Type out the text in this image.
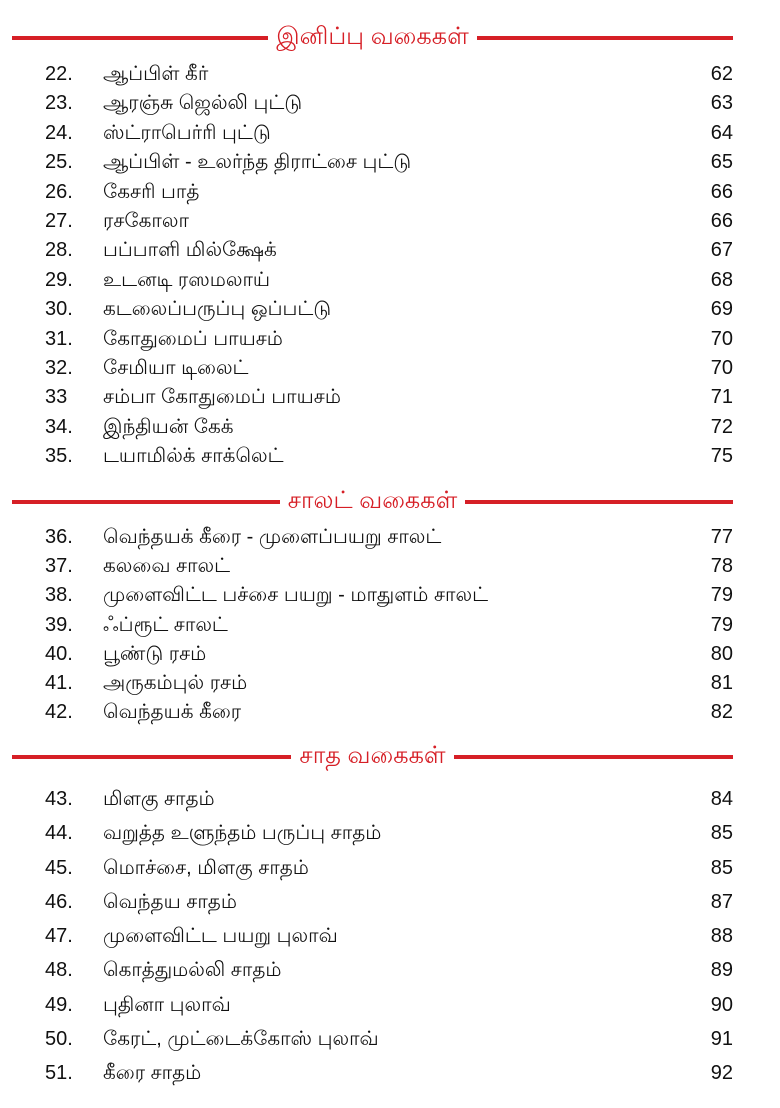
இனிப்பு வகைகள்
22. ஆப்பிள் கீர்	62
23. ஆரஞ்சு ஜெல்லி புட்டு	63
24. ஸ்ட்ராபெர்ரி புட்டு	64
25. ஆப்பிள் - உலர்ந்த திராட்சை புட்டு	65
26. கேசரி பாத்	66
27. ரசகோலா	66
28. பப்பாளி மில்க்ஷேக்	67
29. உடனடி ரஸமலாய்	68
30. கடலைப்பருப்பு ஒப்பட்டு	69
31. கோதுமைப் பாயசம்	70
32. சேமியா டிலைட்	70
33 சம்பா கோதுமைப் பாயசம்	71
34. இந்தியன் கேக்	72
35. டயாமில்க் சாக்லெட்	75
சாலட் வகைகள்
36. வெந்தயக் கீரை - முளைப்பயறு சாலட்	77
37. கலவை சாலட்	78
38. முளைவிட்ட பச்சை பயறு - மாதுளம் சாலட்	79
39. ஃப்ரூட் சாலட்	79
40. பூண்டு ரசம்	80
41. அருகம்புல் ரசம்	81
42. வெந்தயக் கீரை	82
சாத வகைகள்
43. மிளகு சாதம்	84
44. வறுத்த உளுந்தம் பருப்பு சாதம்	85
45. மொச்சை, மிளகு சாதம்	85
46. வெந்தய சாதம்	87
47. முளைவிட்ட பயறு புலாவ்	88
48. கொத்துமல்லி சாதம்	89
49. புதினா புலாவ்	90
50. கேரட், முட்டைக்கோஸ் புலாவ்	91
51. கீரை சாதம்	92
